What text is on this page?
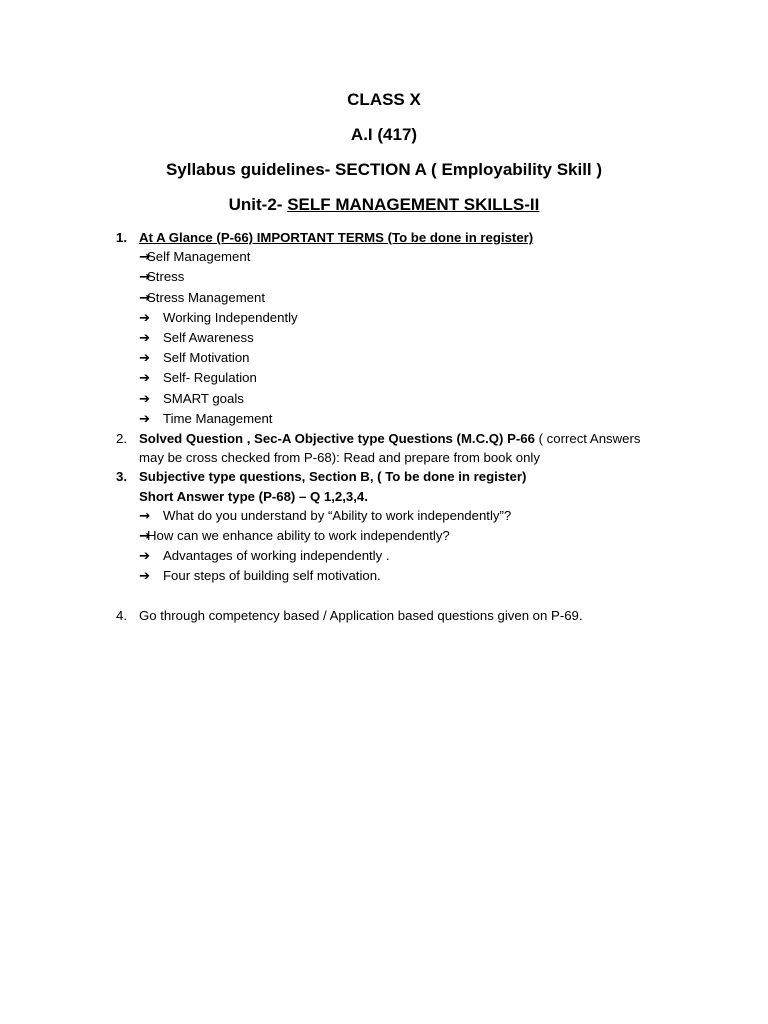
CLASS X
A.I (417)
Syllabus guidelines- SECTION A ( Employability Skill )
Unit-2- SELF MANAGEMENT SKILLS-II
1. At A Glance (P-66) IMPORTANT TERMS (To be done in register)
→Self Management
→Stress
→Stress Management
➔ Working Independently
➔ Self Awareness
➔ Self Motivation
➔ Self- Regulation
➔ SMART goals
➔ Time Management
2. Solved Question , Sec-A Objective type Questions (M.C.Q) P-66 ( correct Answers
may be cross checked from P-68): Read and prepare from book only
3. Subjective type questions, Section B, ( To be done in register)
Short Answer type (P-68) – Q 1,2,3,4.
→ What do you understand by “Ability to work independently”?
→How can we enhance ability to work independently?
➔ Advantages of working independently .
➔ Four steps of building self motivation.
4. Go through competency based / Application based questions given on P-69.
